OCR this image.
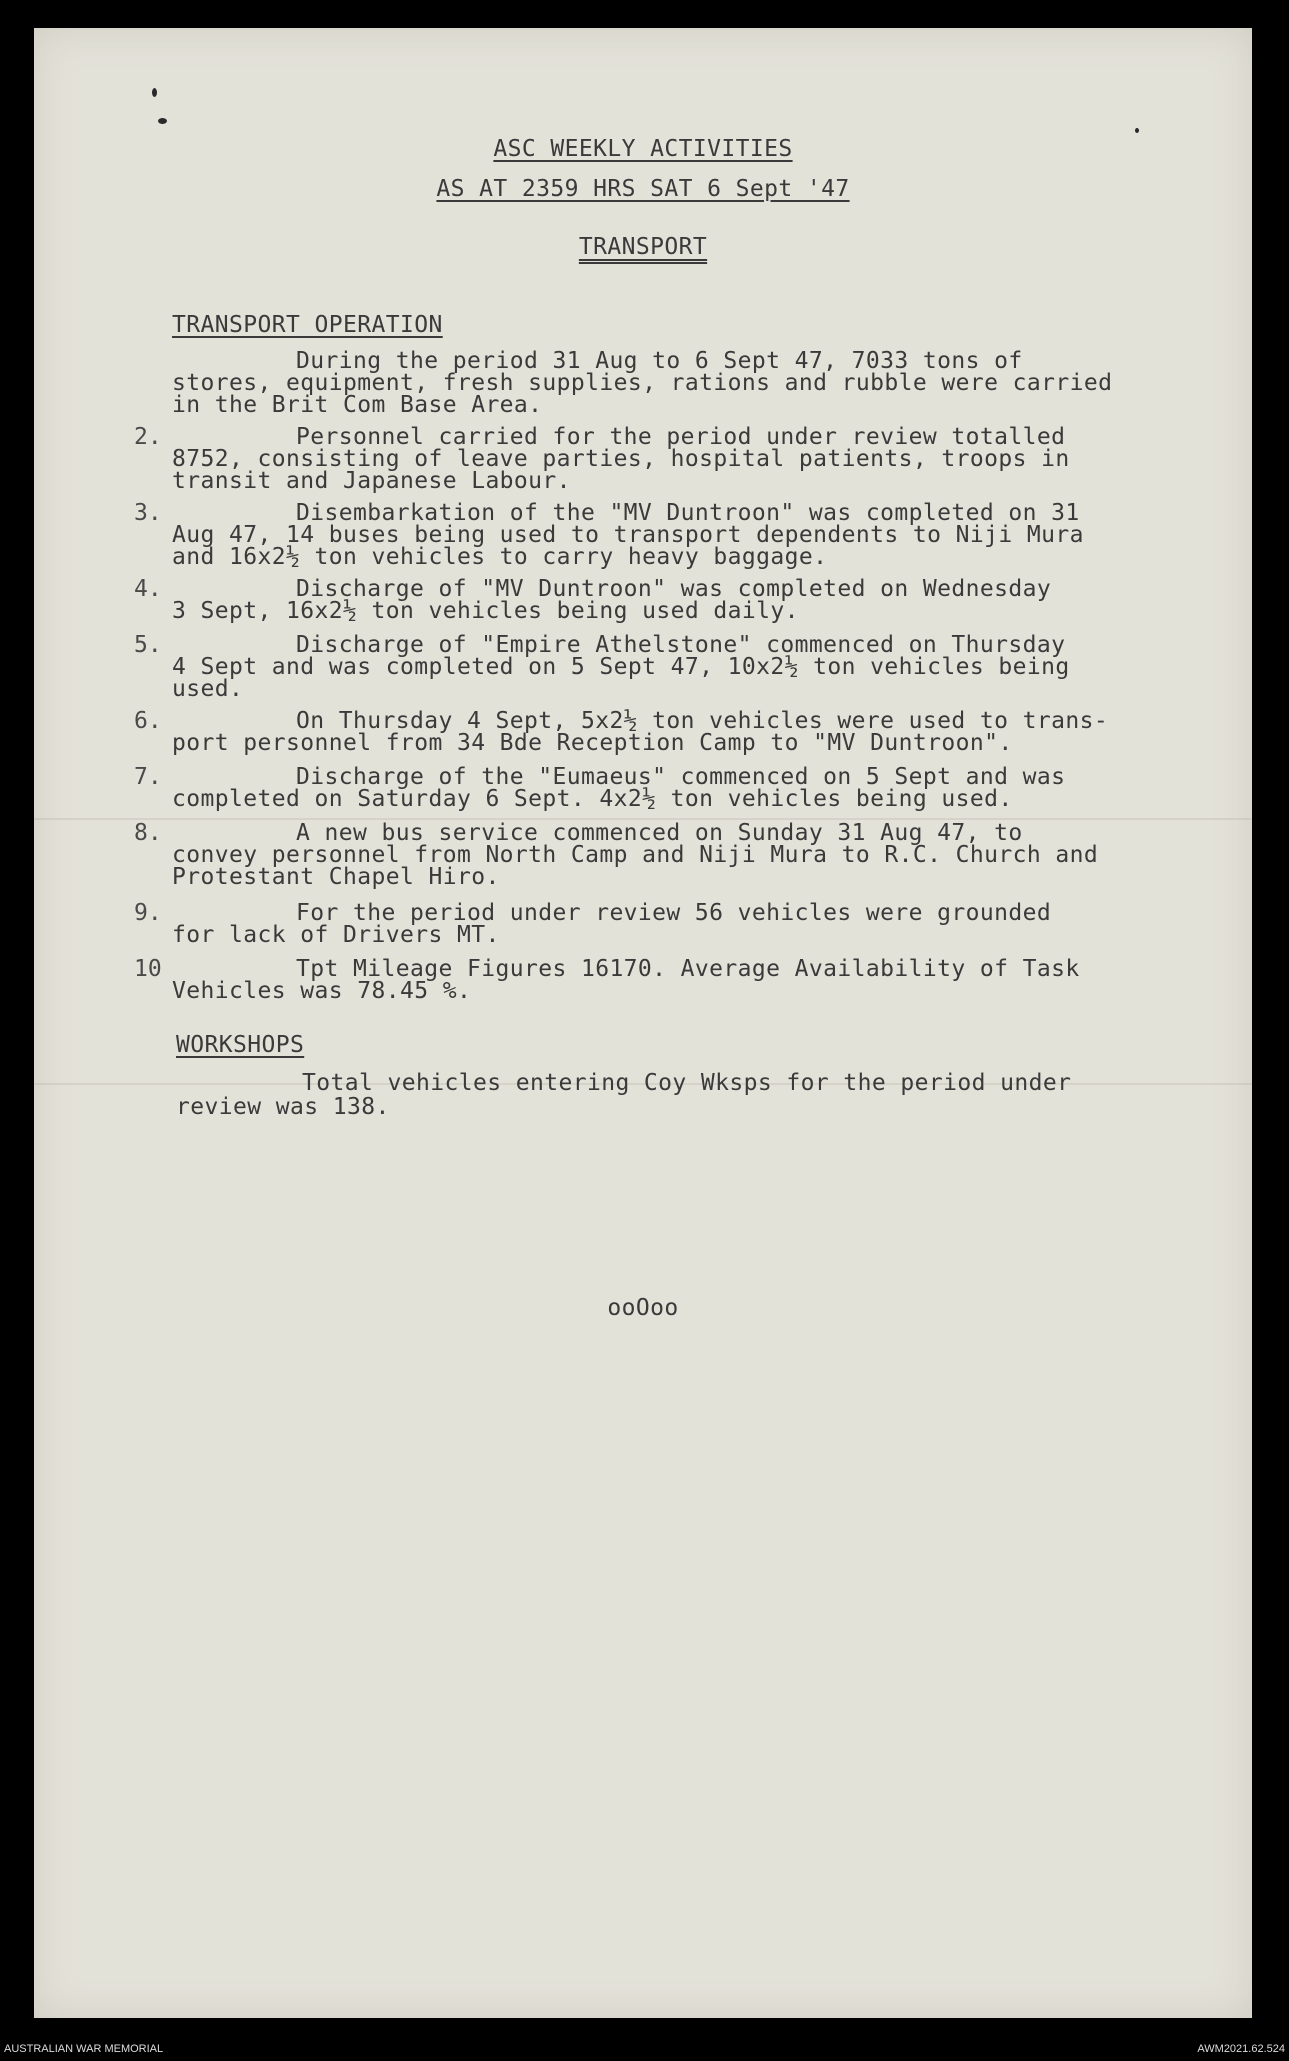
ASC WEEKLY ACTIVITIES
AS AT 2359 HRS SAT 6 Sept '47
TRANSPORT
TRANSPORT OPERATION
During the period 31 Aug to 6 Sept 47, 7033 tons of
stores, equipment, fresh supplies, rations and rubble were carried
in the Brit Com Base Area.
2.	Personnel carried for the period under review totalled
8752, consisting of leave parties, hospital patients, troops in
transit and Japanese Labour.
3.	Disembarkation of the "MV Duntroon" was completed on 31
Aug 47, 14 buses being used to transport dependents to Niji Mura
and 16x2½ ton vehicles to carry heavy baggage.
4.	Discharge of "MV Duntroon" was completed on Wednesday
3 Sept, 16x2½ ton vehicles being used daily.
5.	Discharge of "Empire Athelstone" commenced on Thursday
4 Sept and was completed on 5 Sept 47, 10x2½ ton vehicles being
used.
6.	On Thursday 4 Sept, 5x2½ ton vehicles were used to trans-
port personnel from 34 Bde Reception Camp to "MV Duntroon".
7.	Discharge of the "Eumaeus" commenced on 5 Sept and was
completed on Saturday 6 Sept. 4x2½ ton vehicles being used.
8.	A new bus service commenced on Sunday 31 Aug 47, to
convey personnel from North Camp and Niji Mura to R.C. Church and
Protestant Chapel Hiro.
9.	For the period under review 56 vehicles were grounded
for lack of Drivers MT.
10	Tpt Mileage Figures 16170. Average Availability of Task
Vehicles was 78.45 %.
WORKSHOPS
Total vehicles entering Coy Wksps for the period under
review was 138.
ooOoo
AUSTRALIAN WAR MEMORIAL	AWM2021.62.524
